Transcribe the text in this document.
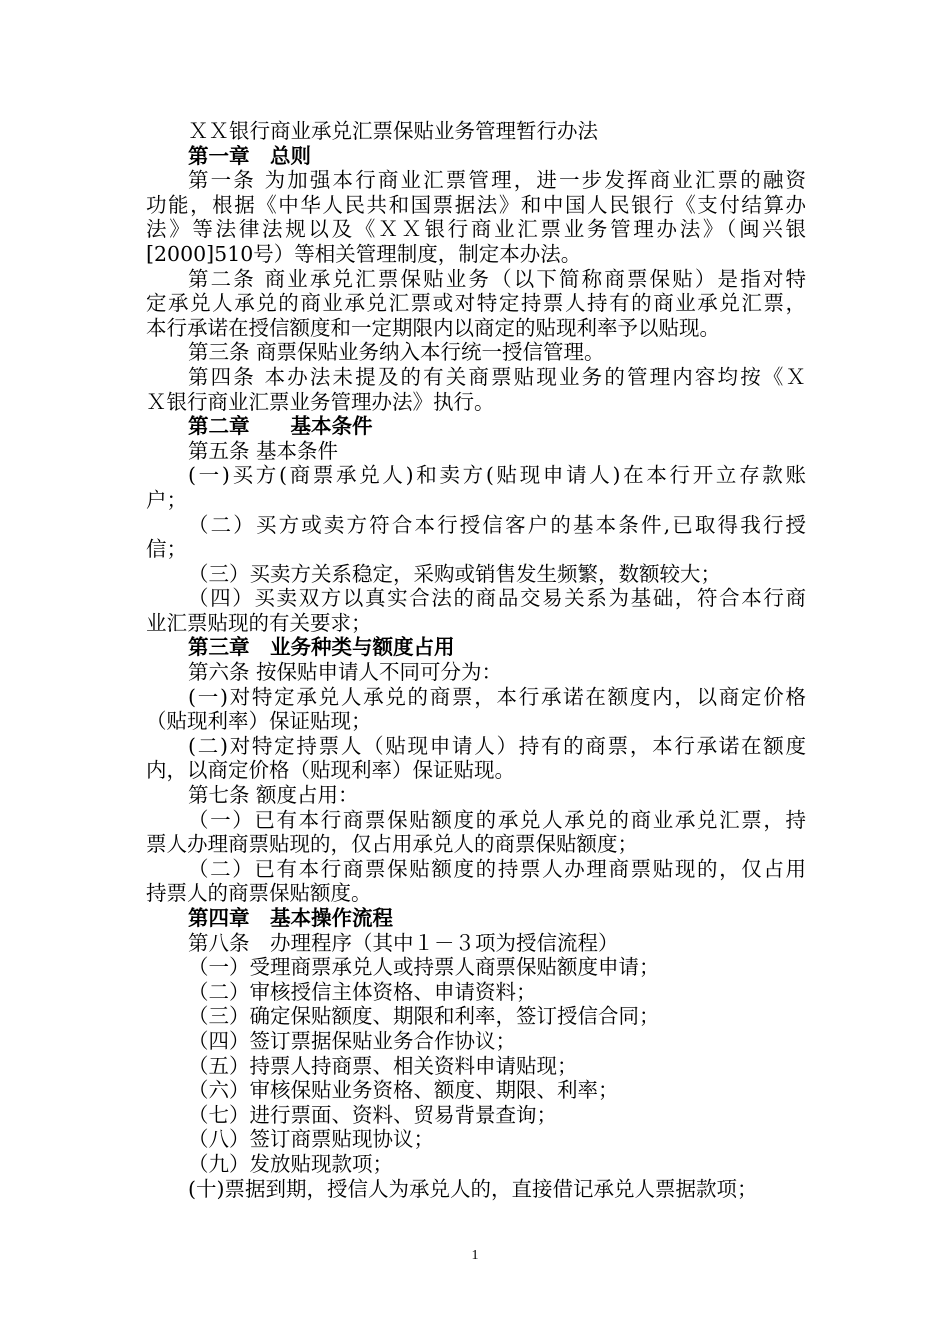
ＸＸ银行商业承兑汇票保贴业务管理暂行办法
第一章　总则
第一条 为加强本行商业汇票管理，进一步发挥商业汇票的融资
功能，根据《中华人民共和国票据法》和中国人民银行《支付结算办
法》等法律法规以及《ＸＸ银行商业汇票业务管理办法》（闽兴银
[2000]510号）等相关管理制度，制定本办法。
第二条 商业承兑汇票保贴业务（以下简称商票保贴）是指对特
定承兑人承兑的商业承兑汇票或对特定持票人持有的商业承兑汇票，
本行承诺在授信额度和一定期限内以商定的贴现利率予以贴现。
第三条 商票保贴业务纳入本行统一授信管理。
第四条 本办法未提及的有关商票贴现业务的管理内容均按《Ｘ
Ｘ银行商业汇票业务管理办法》执行。
第二章　　基本条件
第五条 基本条件
(一)买方(商票承兑人)和卖方(贴现申请人)在本行开立存款账
户；
（二）买方或卖方符合本行授信客户的基本条件,已取得我行授
信；
（三）买卖方关系稳定，采购或销售发生频繁，数额较大；
（四）买卖双方以真实合法的商品交易关系为基础，符合本行商
业汇票贴现的有关要求；
第三章　业务种类与额度占用
第六条 按保贴申请人不同可分为：
(一)对特定承兑人承兑的商票，本行承诺在额度内，以商定价格
（贴现利率）保证贴现；
(二)对特定持票人（贴现申请人）持有的商票，本行承诺在额度
内，以商定价格（贴现利率）保证贴现。
第七条 额度占用：
（一）已有本行商票保贴额度的承兑人承兑的商业承兑汇票，持
票人办理商票贴现的，仅占用承兑人的商票保贴额度；
（二）已有本行商票保贴额度的持票人办理商票贴现的，仅占用
持票人的商票保贴额度。
第四章　基本操作流程
第八条　办理程序（其中１－３项为授信流程）
（一）受理商票承兑人或持票人商票保贴额度申请；
（二）审核授信主体资格、申请资料；
（三）确定保贴额度、期限和利率，签订授信合同；
（四）签订票据保贴业务合作协议；
（五）持票人持商票、相关资料申请贴现；
（六）审核保贴业务资格、额度、期限、利率；
（七）进行票面、资料、贸易背景查询；
（八）签订商票贴现协议；
（九）发放贴现款项；
(十)票据到期，授信人为承兑人的，直接借记承兑人票据款项；
1
